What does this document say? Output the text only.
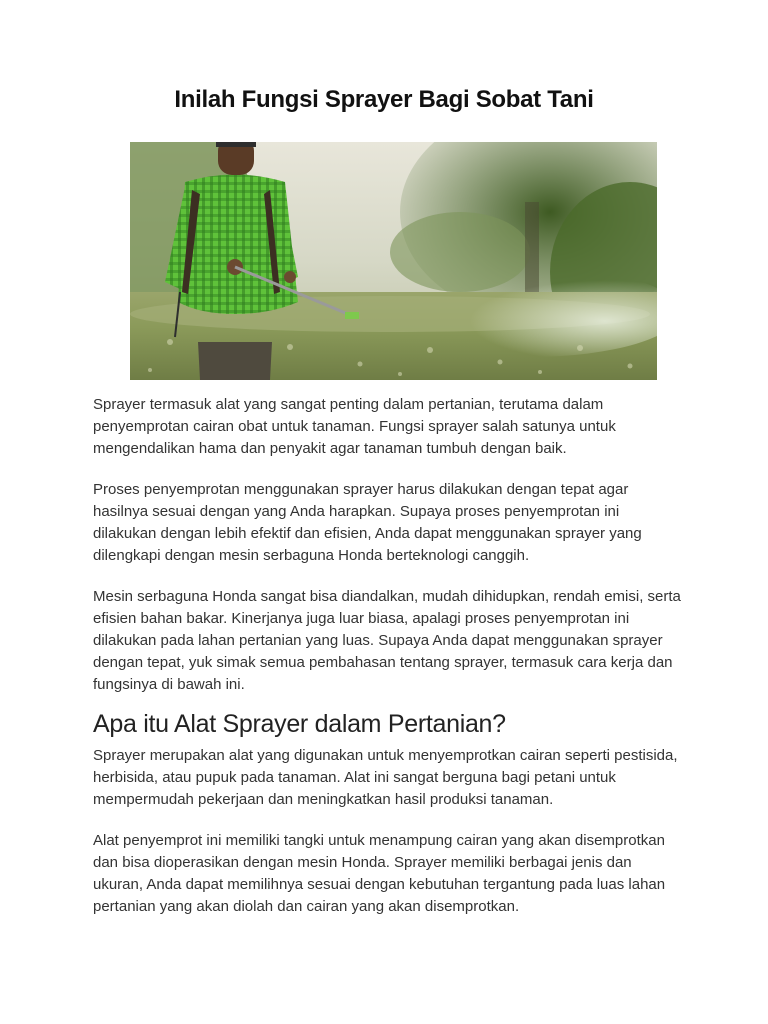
Inilah Fungsi Sprayer Bagi Sobat Tani

Sprayer termasuk alat yang sangat penting dalam pertanian, terutama dalam penyemprotan cairan obat untuk tanaman. Fungsi sprayer salah satunya untuk mengendalikan hama dan penyakit agar tanaman tumbuh dengan baik.

Proses penyemprotan menggunakan sprayer harus dilakukan dengan tepat agar hasilnya sesuai dengan yang Anda harapkan. Supaya proses penyemprotan ini dilakukan dengan lebih efektif dan efisien, Anda dapat menggunakan sprayer yang dilengkapi dengan mesin serbaguna Honda berteknologi canggih.

Mesin serbaguna Honda sangat bisa diandalkan, mudah dihidupkan, rendah emisi, serta efisien bahan bakar. Kinerjanya juga luar biasa, apalagi proses penyemprotan ini dilakukan pada lahan pertanian yang luas. Supaya Anda dapat menggunakan sprayer dengan tepat, yuk simak semua pembahasan tentang sprayer, termasuk cara kerja dan fungsinya di bawah ini.

Apa itu Alat Sprayer dalam Pertanian?

Sprayer merupakan alat yang digunakan untuk menyemprotkan cairan seperti pestisida, herbisida, atau pupuk pada tanaman. Alat ini sangat berguna bagi petani untuk mempermudah pekerjaan dan meningkatkan hasil produksi tanaman.

Alat penyemprot ini memiliki tangki untuk menampung cairan yang akan disemprotkan dan bisa dioperasikan dengan mesin Honda. Sprayer memiliki berbagai jenis dan ukuran, Anda dapat memilihnya sesuai dengan kebutuhan tergantung pada luas lahan pertanian yang akan diolah dan cairan yang akan disemprotkan.
